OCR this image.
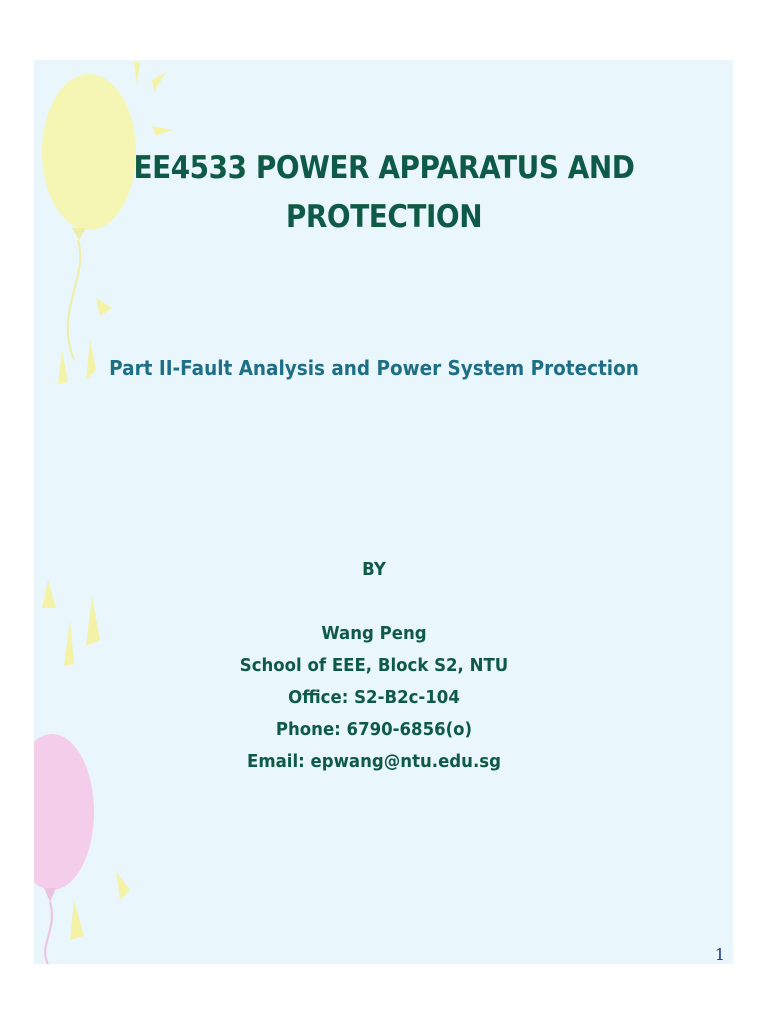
EE4533 POWER APPARATUS AND
PROTECTION
Part II-Fault Analysis and Power System Protection
BY
Wang Peng
School of EEE, Block S2, NTU
Office: S2-B2c-104
Phone: 6790-6856(o)
Email: epwang@ntu.edu.sg
1
